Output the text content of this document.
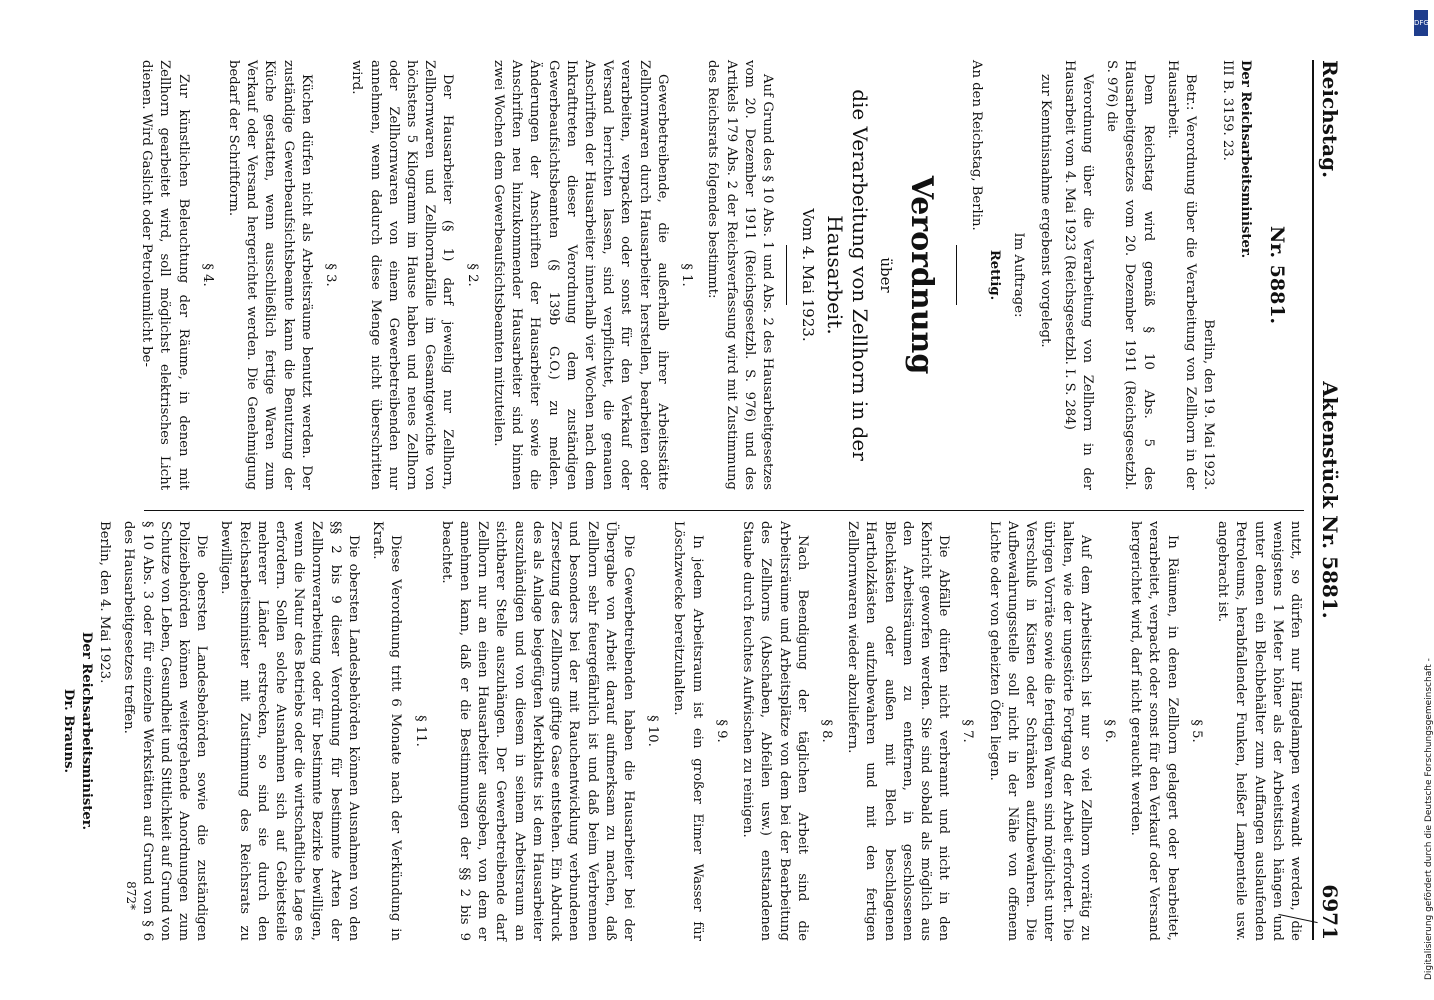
DFG
Digitalisierung gefördert durch die Deutsche Forschungsgemeinschaft -
Reichstag.
Aktenstück Nr. 5881.
6971
Nr. 5881.
Der Reichsarbeitsminister.
III B. 3159. 23.
Berlin, den 19. Mai 1923.

Betr.: Verordnung über die Verarbeitung von Zellhorn in der Hausarbeit.

Dem Reichstag wird gemäß § 10 Abs. 5 des Hausarbeitgesetzes vom 20. Dezember 1911 (Reichsgesetzbl. S. 976) die

Verordnung über die Verarbeitung von Zellhorn in der Hausarbeit vom 4. Mai 1923 (Reichsgesetzbl. I. S. 284)

zur Kenntnisnahme ergebenst vorgelegt.

Im Auftrage:
Rettig.
An den Reichstag, Berlin.
Verordnung
über
die Verarbeitung von Zellhorn in der Hausarbeit.
Vom 4. Mai 1923.

Auf Grund des § 10 Abs. 1 und Abs. 2 des Hausarbeitgesetzes vom 20. Dezember 1911 (Reichsgesetzbl. S. 976) und des Artikels 179 Abs. 2 der Reichsverfassung wird mit Zustimmung des Reichsrats folgendes bestimmt:

§ 1.

Gewerbetreibende, die außerhalb ihrer Arbeitsstätte Zellhornwaren durch Hausarbeiter herstellen, bearbeiten oder verarbeiten, verpacken oder sonst für den Verkauf oder Versand herrichten lassen, sind verpflichtet, die genauen Anschriften der Hausarbeiter innerhalb vier Wochen nach dem Inkrafttreten dieser Verordnung dem zuständigen Gewerbeaufsichtsbeamten (§ 139b G.O.) zu melden. Änderungen der Anschriften der Hausarbeiter sowie die Anschriften neu hinzukommender Hausarbeiter sind binnen zwei Wochen dem Gewerbeaufsichtsbeamten mitzuteilen.

§ 2.

Der Hausarbeiter (§ 1) darf jeweilig nur Zellhorn, Zellhornwaren und Zellhornabfälle im Gesamtgewichte von höchstens 5 Kilogramm im Hause haben und neues Zellhorn oder Zellhornwaren von einem Gewerbetreibenden nur annehmen, wenn dadurch diese Menge nicht überschritten wird.

§ 3.

Küchen dürfen nicht als Arbeitsräume benutzt werden. Der zuständige Gewerbeaufsichtsbeamte kann die Benutzung der Küche gestatten, wenn ausschließlich fertige Waren zum Verkauf oder Versand hergerichtet werden. Die Genehmigung bedarf der Schriftform.

§ 4.

Zur künstlichen Beleuchtung der Räume, in denen mit Zellhorn gearbeitet wird, soll möglichst elektrisches Licht dienen. Wird Gaslicht oder Petroleumlicht be-

nutzt, so dürfen nur Hängelampen verwandt werden, die wenigstens 1 Meter höher als der Arbeitstisch hängen und unter denen ein Blechbehälter zum Auffangen auslaufenden Petroleums, herabfallender Funken, heißer Lampenteile usw. angebracht ist.

§ 5.

In Räumen, in denen Zellhorn gelagert oder bearbeitet, verarbeitet, verpackt oder sonst für den Verkauf oder Versand hergerichtet wird, darf nicht geraucht werden.

§ 6.

Auf dem Arbeitstisch ist nur so viel Zellhorn vorrätig zu halten, wie der ungestörte Fortgang der Arbeit erfordert. Die übrigen Vorräte sowie die fertigen Waren sind möglichst unter Verschluß in Kisten oder Schränken aufzubewahren. Die Aufbewahrungsstelle soll nicht in der Nähe von offenem Lichte oder von geheizten Öfen liegen.

§ 7.

Die Abfälle dürfen nicht verbrannt und nicht in den Kehricht geworfen werden. Sie sind sobald als möglich aus den Arbeitsräumen zu entfernen, in geschlossenen Blechkästen oder außen mit Blech beschlagenen Hartholzkästen aufzubewahren und mit den fertigen Zellhornwaren wieder abzuliefern.

§ 8.

Nach Beendigung der täglichen Arbeit sind die Arbeitsräume und Arbeitsplätze von dem bei der Bearbeitung des Zellhorns (Abschaben, Abfeilen usw.) entstandenen Staube durch feuchtes Aufwischen zu reinigen.

§ 9.

In jedem Arbeitsraum ist ein großer Eimer Wasser für Löschzwecke bereitzuhalten.

§ 10.

Die Gewerbetreibenden haben die Hausarbeiter bei der Übergabe von Arbeit darauf aufmerksam zu machen, daß Zellhorn sehr feuergefährlich ist und daß beim Verbrennen und besonders bei der mit Rauchentwicklung verbundenen Zersetzung des Zellhorns giftige Gase entstehen. Ein Abdruck des als Anlage beigefügten Merkblatts ist dem Hausarbeiter auszuhändigen und von diesem in seinem Arbeitsraum an sichtbarer Stelle auszuhängen. Der Gewerbetreibende darf Zellhorn nur an einen Hausarbeiter ausgeben, von dem er annehmen kann, daß er die Bestimmungen der §§ 2 bis 9 beachtet.

§ 11.

Diese Verordnung tritt 6 Monate nach der Verkündung in Kraft.

Die obersten Landesbehörden können Ausnahmen von den §§ 2 bis 9 dieser Verordnung für bestimmte Arten der Zellhornverarbeitung oder für bestimmte Bezirke bewilligen, wenn die Natur des Betriebs oder die wirtschaftliche Lage es erfordern. Sollen solche Ausnahmen sich auf Gebietsteile mehrerer Länder erstrecken, so sind sie durch den Reichsarbeitsminister mit Zustimmung des Reichsrats zu bewilligen.

Die obersten Landesbehörden sowie die zuständigen Polizeibehörden können weitergehende Anordnungen zum Schutze von Leben, Gesundheit und Sittlichkeit auf Grund von § 10 Abs. 3 oder für einzelne Werkstätten auf Grund von § 6 des Hausarbeitgesetzes treffen.

Berlin, den 4. Mai 1923.
Der Reichsarbeitsminister.
Dr. Brauns.
872*
